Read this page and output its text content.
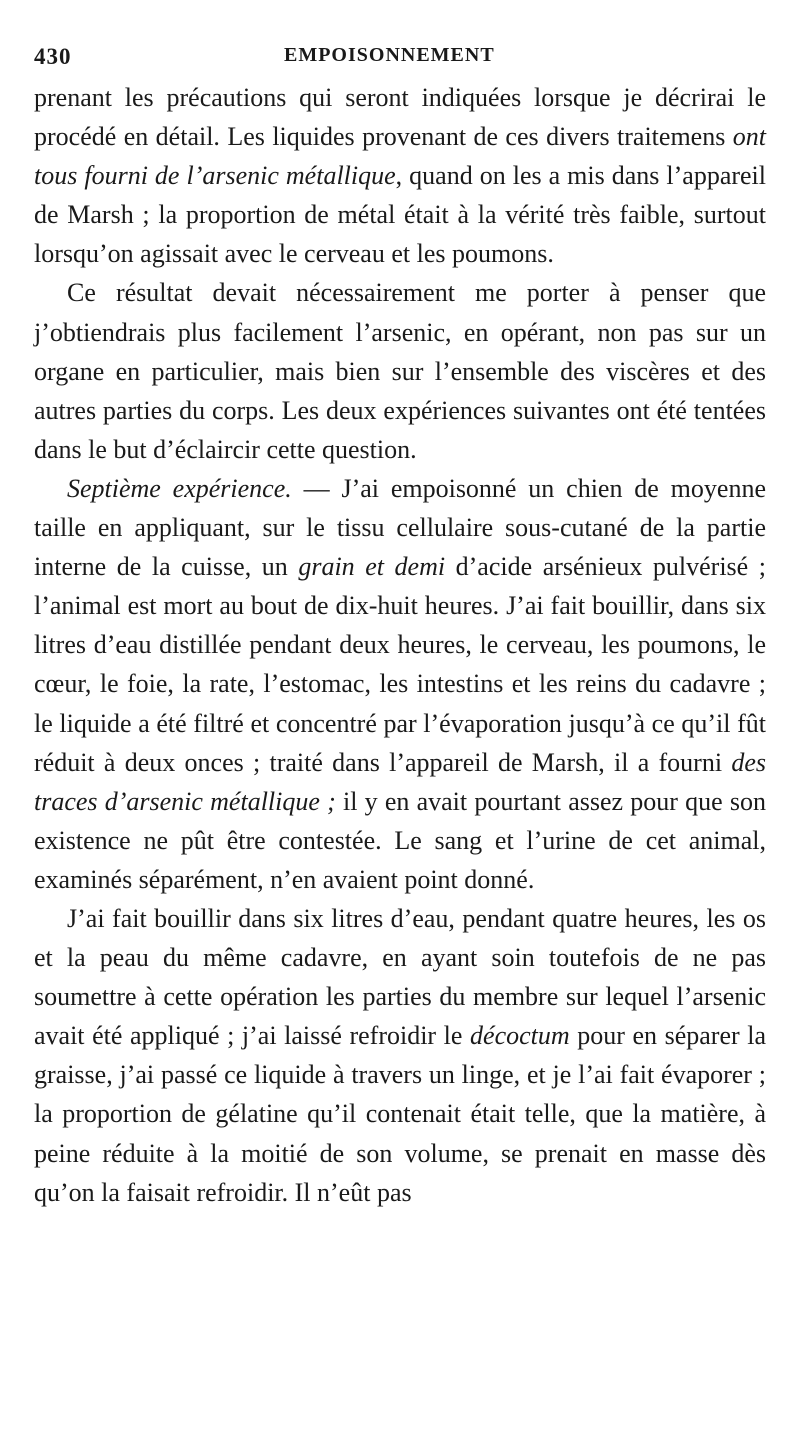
430	EMPOISONNEMENT

prenant les précautions qui seront indiquées lorsque je décrirai le procédé en détail. Les liquides provenant de ces divers traitemens ont tous fourni de l’arsenic métallique, quand on les a mis dans l’appareil de Marsh ; la proportion de métal était à la vérité très faible, surtout lorsqu’on agissait avec le cerveau et les poumons.

Ce résultat devait nécessairement me porter à penser que j’obtiendrais plus facilement l’arsenic, en opérant, non pas sur un organe en particulier, mais bien sur l’ensemble des viscères et des autres parties du corps. Les deux expériences suivantes ont été tentées dans le but d’éclaircir cette question.

Septième expérience. — J’ai empoisonné un chien de moyenne taille en appliquant, sur le tissu cellulaire sous-cutané de la partie interne de la cuisse, un grain et demi d’acide arsénieux pulvérisé ; l’animal est mort au bout de dix-huit heures. J’ai fait bouillir, dans six litres d’eau distillée pendant deux heures, le cerveau, les poumons, le cœur, le foie, la rate, l’estomac, les intestins et les reins du cadavre ; le liquide a été filtré et concentré par l’évaporation jusqu’à ce qu’il fût réduit à deux onces ; traité dans l’appareil de Marsh, il a fourni des traces d’arsenic métallique ; il y en avait pourtant assez pour que son existence ne pût être contestée. Le sang et l’urine de cet animal, examinés séparément, n’en avaient point donné.

J’ai fait bouillir dans six litres d’eau, pendant quatre heures, les os et la peau du même cadavre, en ayant soin toutefois de ne pas soumettre à cette opération les parties du membre sur lequel l’arsenic avait été appliqué ; j’ai laissé refroidir le décoctum pour en séparer la graisse, j’ai passé ce liquide à travers un linge, et je l’ai fait évaporer ; la proportion de gélatine qu’il contenait était telle, que la matière, à peine réduite à la moitié de son volume, se prenait en masse dès qu’on la faisait refroidir. Il n’eût pas
